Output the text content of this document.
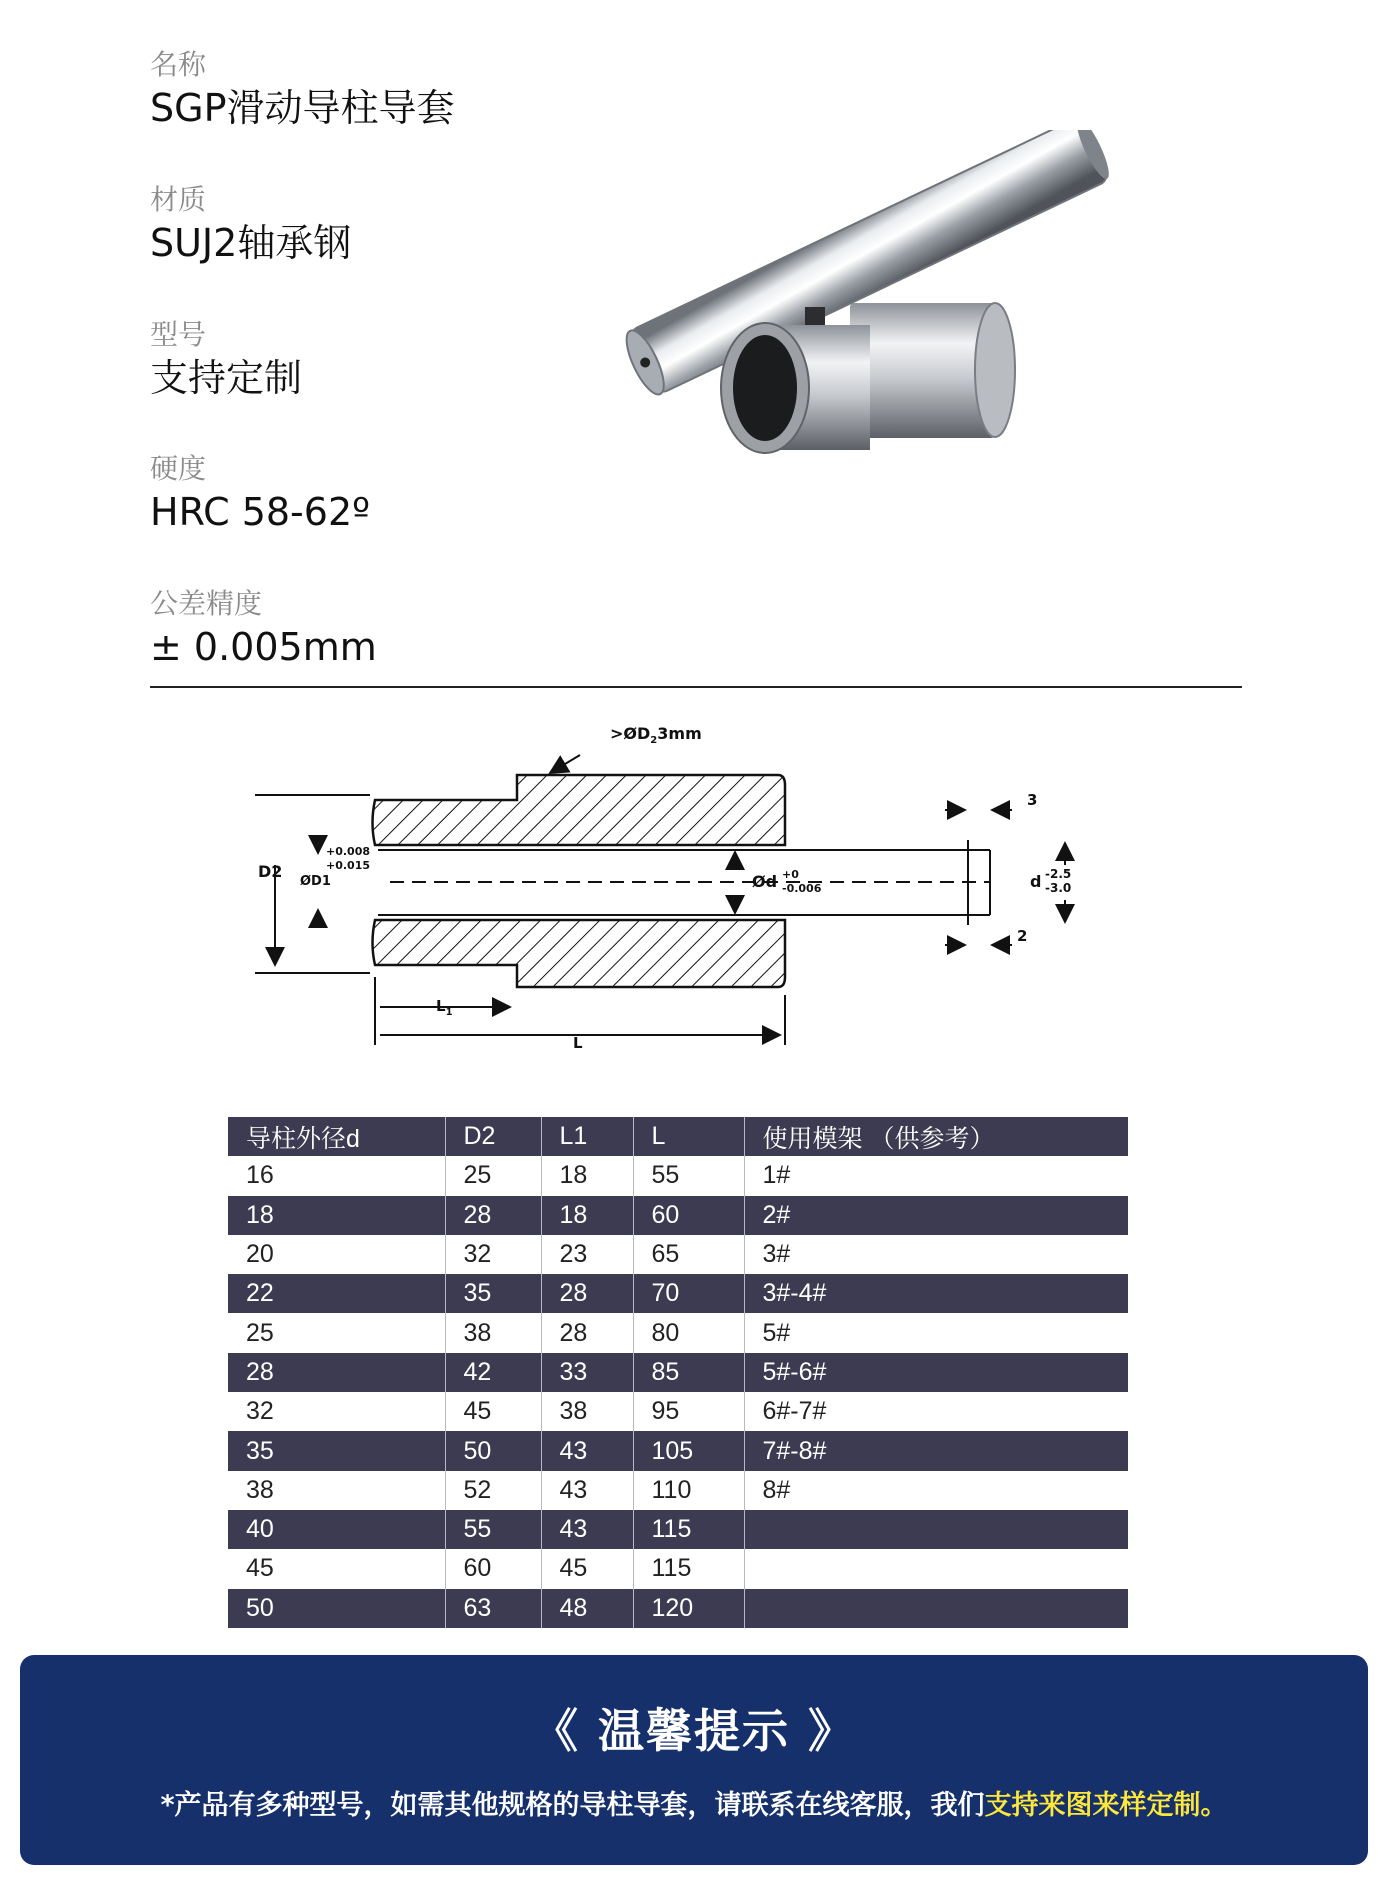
名称
SGP滑动导柱导套
材质
SUJ2轴承钢
型号
支持定制
硬度
HRC 58-62º
公差精度
± 0.005mm
$>ØD_23mm$
D2
ØD1
+0.008
+0.015
Ød +0
-0.006	d -2.5
-3.0
3
2
$L_1$
L
导柱外径d	D2	L1	L	使用模架 （供参考）
16	25	18	55	1#
18	28	18	60	2#
20	32	23	65	3#
22	35	28	70	3#-4#
25	38	28	80	5#
28	42	33	85	5#-6#
32	45	38	95	6#-7#
35	50	43	105	7#-8#
38	52	43	110	8#
40	55	43	115	
45	60	45	115	
50	63	48	120	
《 温馨提示 》
*产品有多种型号，如需其他规格的导柱导套，请联系在线客服，我们支持来图来样定制。
